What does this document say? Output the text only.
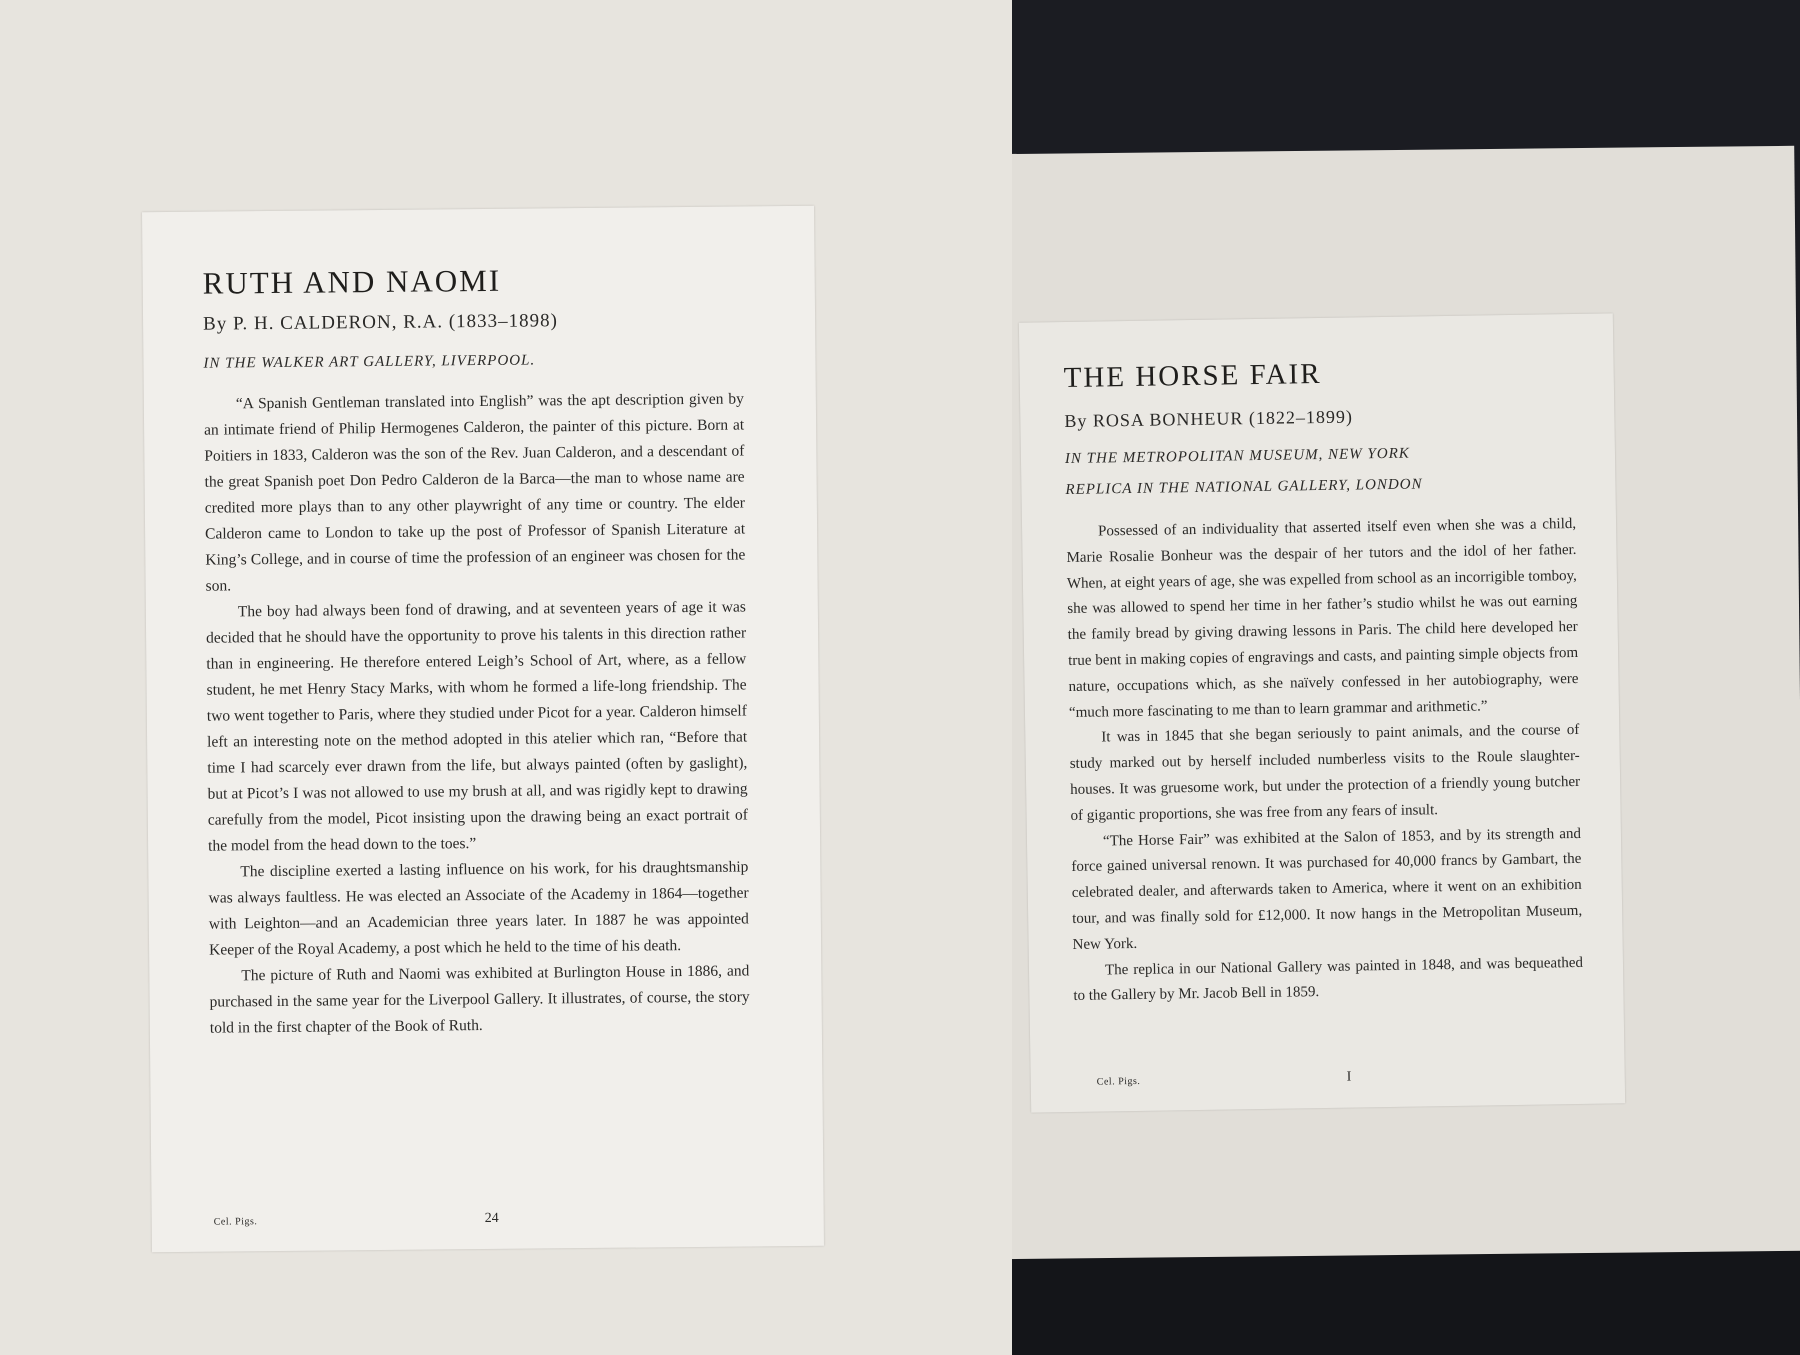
RUTH AND NAOMI

By P. H. CALDERON, R.A. (1833–1898)

IN THE WALKER ART GALLERY, LIVERPOOL.

“A Spanish Gentleman translated into English” was the apt description given by an intimate friend of Philip Hermogenes Calderon, the painter of this picture. Born at Poitiers in 1833, Calderon was the son of the Rev. Juan Calderon, and a descendant of the great Spanish poet Don Pedro Calderon de la Barca—the man to whose name are credited more plays than to any other playwright of any time or country. The elder Calderon came to London to take up the post of Professor of Spanish Literature at King’s College, and in course of time the profession of an engineer was chosen for the son.

The boy had always been fond of drawing, and at seventeen years of age it was decided that he should have the opportunity to prove his talents in this direction rather than in engineering. He therefore entered Leigh’s School of Art, where, as a fellow student, he met Henry Stacy Marks, with whom he formed a life-long friendship. The two went together to Paris, where they studied under Picot for a year. Calderon himself left an interesting note on the method adopted in this atelier which ran, “Before that time I had scarcely ever drawn from the life, but always painted (often by gaslight), but at Picot’s I was not allowed to use my brush at all, and was rigidly kept to drawing carefully from the model, Picot insisting upon the drawing being an exact portrait of the model from the head down to the toes.”

The discipline exerted a lasting influence on his work, for his draughtsmanship was always faultless. He was elected an Associate of the Academy in 1864—together with Leighton—and an Academician three years later. In 1887 he was appointed Keeper of the Royal Academy, a post which he held to the time of his death.

The picture of Ruth and Naomi was exhibited at Burlington House in 1886, and purchased in the same year for the Liverpool Gallery. It illustrates, of course, the story told in the first chapter of the Book of Ruth.

Cel. Pigs.	24
THE HORSE FAIR

By ROSA BONHEUR (1822–1899)

IN THE METROPOLITAN MUSEUM, NEW YORK

REPLICA IN THE NATIONAL GALLERY, LONDON

Possessed of an individuality that asserted itself even when she was a child, Marie Rosalie Bonheur was the despair of her tutors and the idol of her father. When, at eight years of age, she was expelled from school as an incorrigible tomboy, she was allowed to spend her time in her father’s studio whilst he was out earning the family bread by giving drawing lessons in Paris. The child here developed her true bent in making copies of engravings and casts, and painting simple objects from nature, occupations which, as she naïvely confessed in her autobiography, were “much more fascinating to me than to learn grammar and arithmetic.”

It was in 1845 that she began seriously to paint animals, and the course of study marked out by herself included numberless visits to the Roule slaughter-houses. It was gruesome work, but under the protection of a friendly young butcher of gigantic proportions, she was free from any fears of insult.

“The Horse Fair” was exhibited at the Salon of 1853, and by its strength and force gained universal renown. It was purchased for 40,000 francs by Gambart, the celebrated dealer, and afterwards taken to America, where it went on an exhibition tour, and was finally sold for £12,000. It now hangs in the Metropolitan Museum, New York.

The replica in our National Gallery was painted in 1848, and was bequeathed to the Gallery by Mr. Jacob Bell in 1859.

Cel. Pigs.	I
